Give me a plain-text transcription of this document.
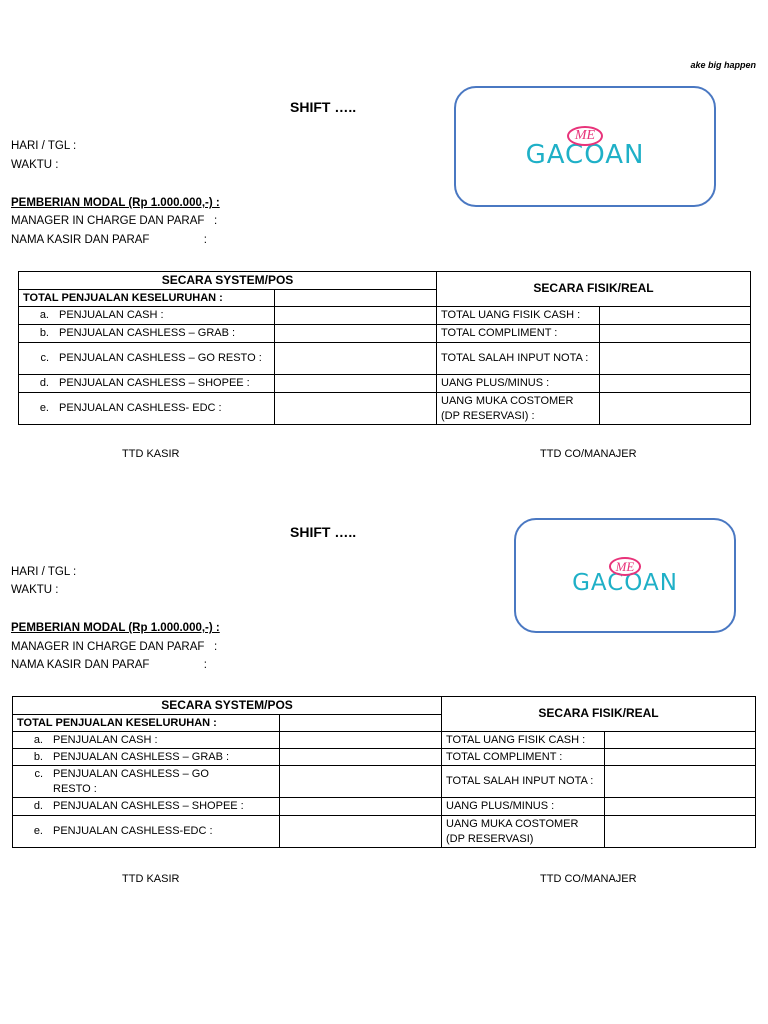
ake big happen
SHIFT …..
HARI / TGL :
WAKTU :
PEMBERIAN MODAL (Rp 1.000.000,-) :
MANAGER IN CHARGE DAN PARAF   :
NAMA KASIR DAN PARAF                 :
ME
GACOAN
SECARA SYSTEM/POS		SECARA FISIK/REAL	
TOTAL PENJUALAN KESELURUHAN :			

a. PENJUALAN CASH :		TOTAL UANG FISIK CASH :	

b. PENJUALAN CASHLESS – GRAB :		TOTAL COMPLIMENT :	

c. PENJUALAN CASHLESS – GO RESTO :		TOTAL SALAH INPUT NOTA :	

d. PENJUALAN CASHLESS – SHOPEE :		UANG PLUS/MINUS :	

e. PENJUALAN CASHLESS- EDC :		UANG MUKA COSTOMER (DP RESERVASI) :	
TTD KASIR	TTD CO/MANAJER
SHIFT …..
HARI / TGL :
WAKTU :
PEMBERIAN MODAL (Rp 1.000.000,-) :
MANAGER IN CHARGE DAN PARAF   :
NAMA KASIR DAN PARAF                 :
ME
GACOAN
SECARA SYSTEM/POS		SECARA FISIK/REAL	
TOTAL PENJUALAN KESELURUHAN :			

a. PENJUALAN CASH :		TOTAL UANG FISIK CASH :	

b. PENJUALAN CASHLESS – GRAB :		TOTAL COMPLIMENT :	

c. PENJUALAN CASHLESS – GO RESTO :		TOTAL SALAH INPUT NOTA :	

d. PENJUALAN CASHLESS – SHOPEE :		UANG PLUS/MINUS :	

e. PENJUALAN CASHLESS-EDC :		UANG MUKA COSTOMER (DP RESERVASI)	
TTD KASIR	TTD CO/MANAJER
